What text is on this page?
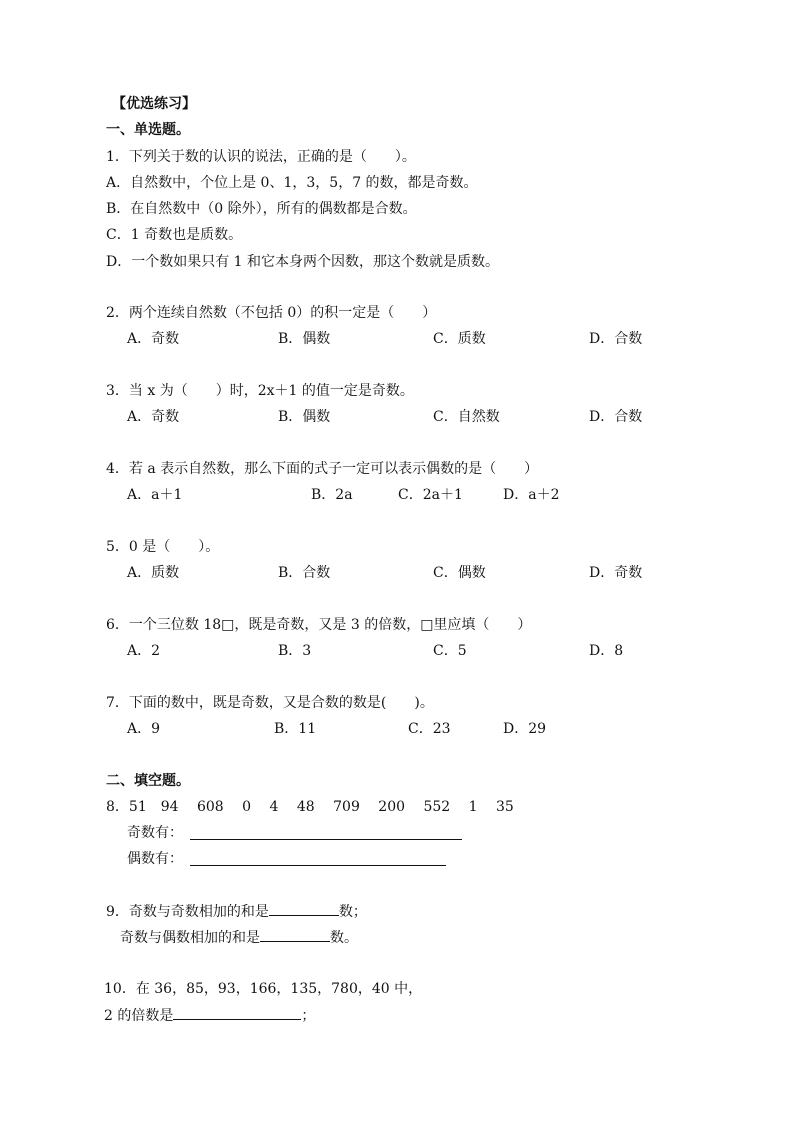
【优选练习】
一、单选题。
1．下列关于数的认识的说法，正确的是（　　）。
A．自然数中，个位上是 0、1，3，5，7 的数，都是奇数。
B．在自然数中（0 除外），所有的偶数都是合数。
C．1 奇数也是质数。
D．一个数如果只有 1 和它本身两个因数，那这个数就是质数。
2．两个连续自然数（不包括 0）的积一定是（　　）
A．奇数	B．偶数	C．质数	D．合数
3．当 x 为（　　）时，2x＋1 的值一定是奇数。
A．奇数	B．偶数	C．自然数	D．合数
4．若 a 表示自然数，那么下面的式子一定可以表示偶数的是（　　）
A．a＋1	B．2a	C．2a＋1	D．a＋2
5．0 是（　　）。
A．质数	B．合数	C．偶数	D．奇数
6．一个三位数 18□，既是奇数，又是 3 的倍数，□里应填（　　）
A．2	B．3	C．5	D．8
7．下面的数中，既是奇数，又是合数的数是(　　)。
A．9	B．11	C．23	D．29
二、填空题。
8．51　94　 608　 0　 4　 48　 709　 200　 552　 1　 35
奇数有：
偶数有：
9．奇数与奇数相加的和是	数；
奇数与偶数相加的和是	数。
10．在 36，85，93，166，135，780，40 中，
2 的倍数是	；
